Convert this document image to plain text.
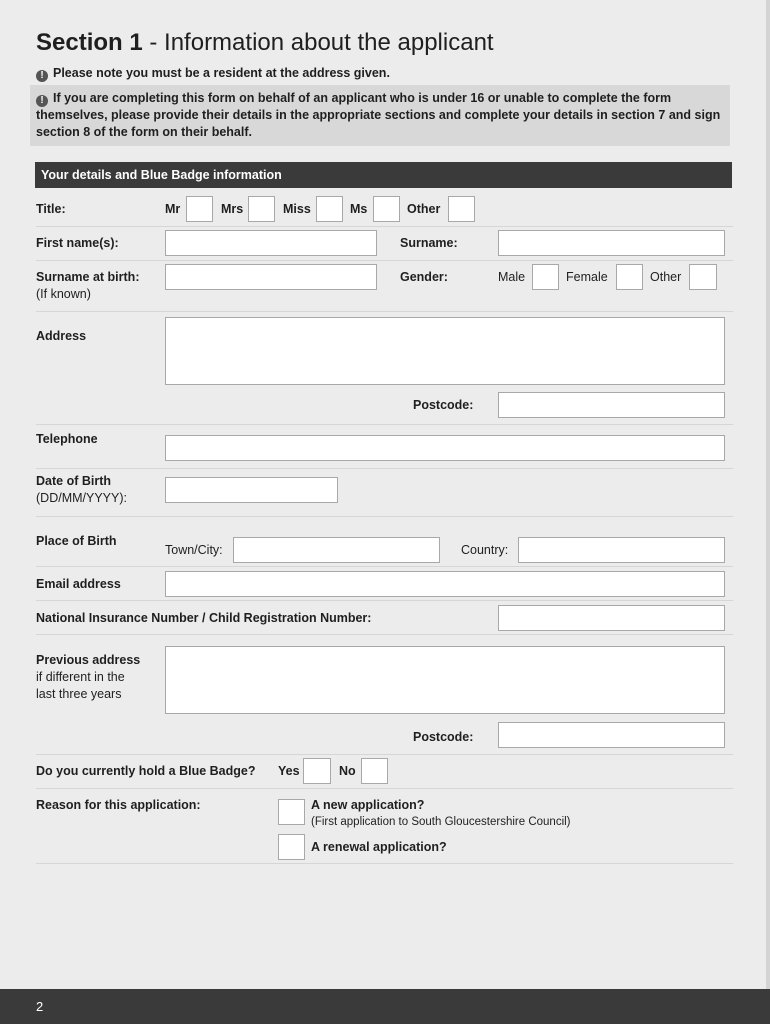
Section 1 - Information about the applicant
! Please note you must be a resident at the address given.
! If you are completing this form on behalf of an applicant who is under 16 or unable to complete the form themselves, please provide their details in the appropriate sections and complete your details in section 7 and sign section 8 of the form on their behalf.
Your details and Blue Badge information
Title:	Mr	Mrs	Miss	Ms	Other
First name(s):	Surname:
Surname at birth:
(If known)
Gender:	Male	Female	Other
Address
Postcode:
Telephone
Date of Birth
(DD/MM/YYYY):
Place of Birth
Town/City:	Country:
Email address
National Insurance Number / Child Registration Number:
Previous address
if different in the
last three years
Postcode:
Do you currently hold a Blue Badge? Yes	No
Reason for this application:	A new application?
(First application to South Gloucestershire Council)
A renewal application?
2
